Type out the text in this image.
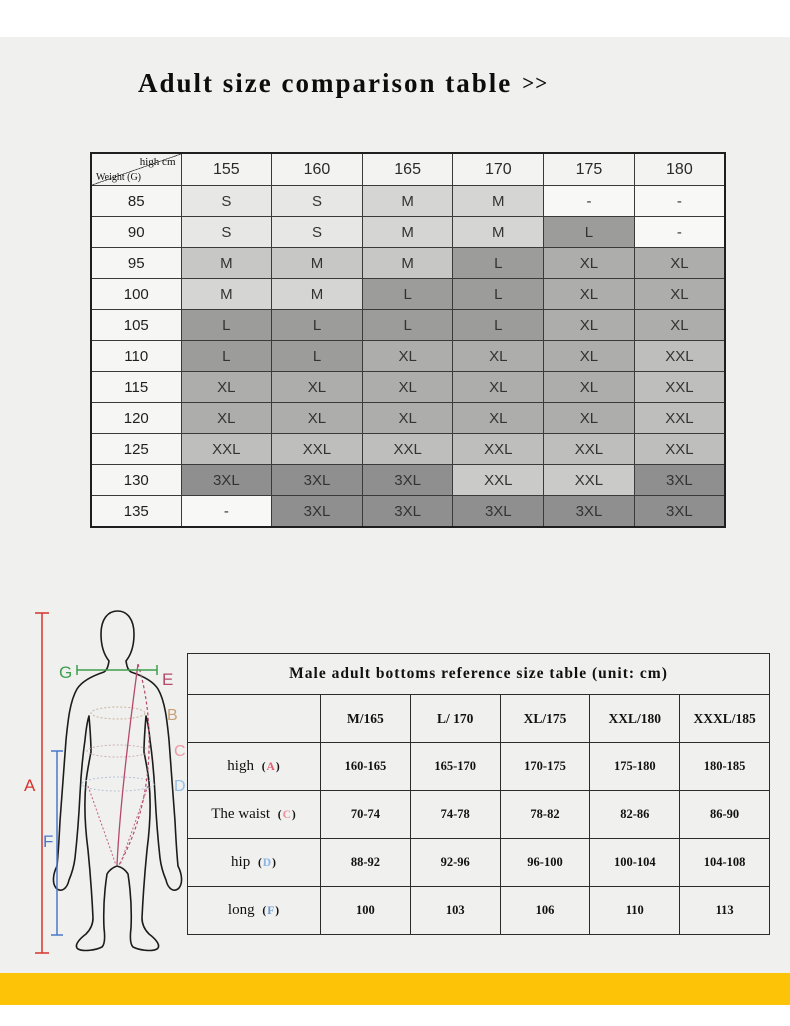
Adult size comparison table >>
high cm
Weight (G)	155	160	165	170	175	180
85	S	S	M	M	-	-
90	S	S	M	M	L	-
95	M	M	M	L	XL	XL
100	M	M	L	L	XL	XL
105	L	L	L	L	XL	XL
110	L	L	XL	XL	XL	XXL
115	XL	XL	XL	XL	XL	XXL
120	XL	XL	XL	XL	XL	XXL
125	XXL	XXL	XXL	XXL	XXL	XXL
130	3XL	3XL	3XL	XXL	XXL	3XL
135	-	3XL	3XL	3XL	3XL	3XL
G	E
B
C
D
A
F
Male adult bottoms reference size table (unit: cm)					
	M/165	L/ 170	XL/175	XXL/180	XXXL/185
high  (A)	160-165	165-170	170-175	175-180	180-185
The waist  (C)	70-74	74-78	78-82	82-86	86-90
hip  (D)	88-92	92-96	96-100	100-104	104-108
long  (F)	100	103	106	110	113
